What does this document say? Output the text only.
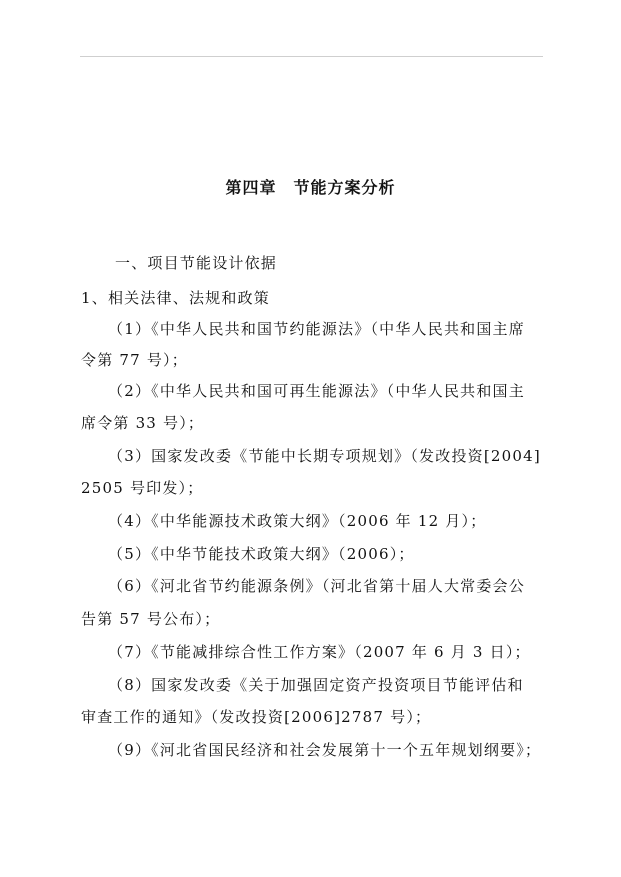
第四章　节能方案分析
一、项目节能设计依据
1、相关法律、法规和政策
（1）《中华人民共和国节约能源法》（中华人民共和国主席
令第 77 号）；
（2）《中华人民共和国可再生能源法》（中华人民共和国主
席令第 33 号）；
（3）国家发改委《节能中长期专项规划》（发改投资[2004]
2505 号印发）；
（4）《中华能源技术政策大纲》（2006 年 12 月）；
（5）《中华节能技术政策大纲》（2006）；
（6）《河北省节约能源条例》（河北省第十届人大常委会公
告第 57 号公布）；
（7）《节能减排综合性工作方案》（2007 年 6 月 3 日）；
（8）国家发改委《关于加强固定资产投资项目节能评估和
审查工作的通知》（发改投资[2006]2787 号）；
（9）《河北省国民经济和社会发展第十一个五年规划纲要》；
